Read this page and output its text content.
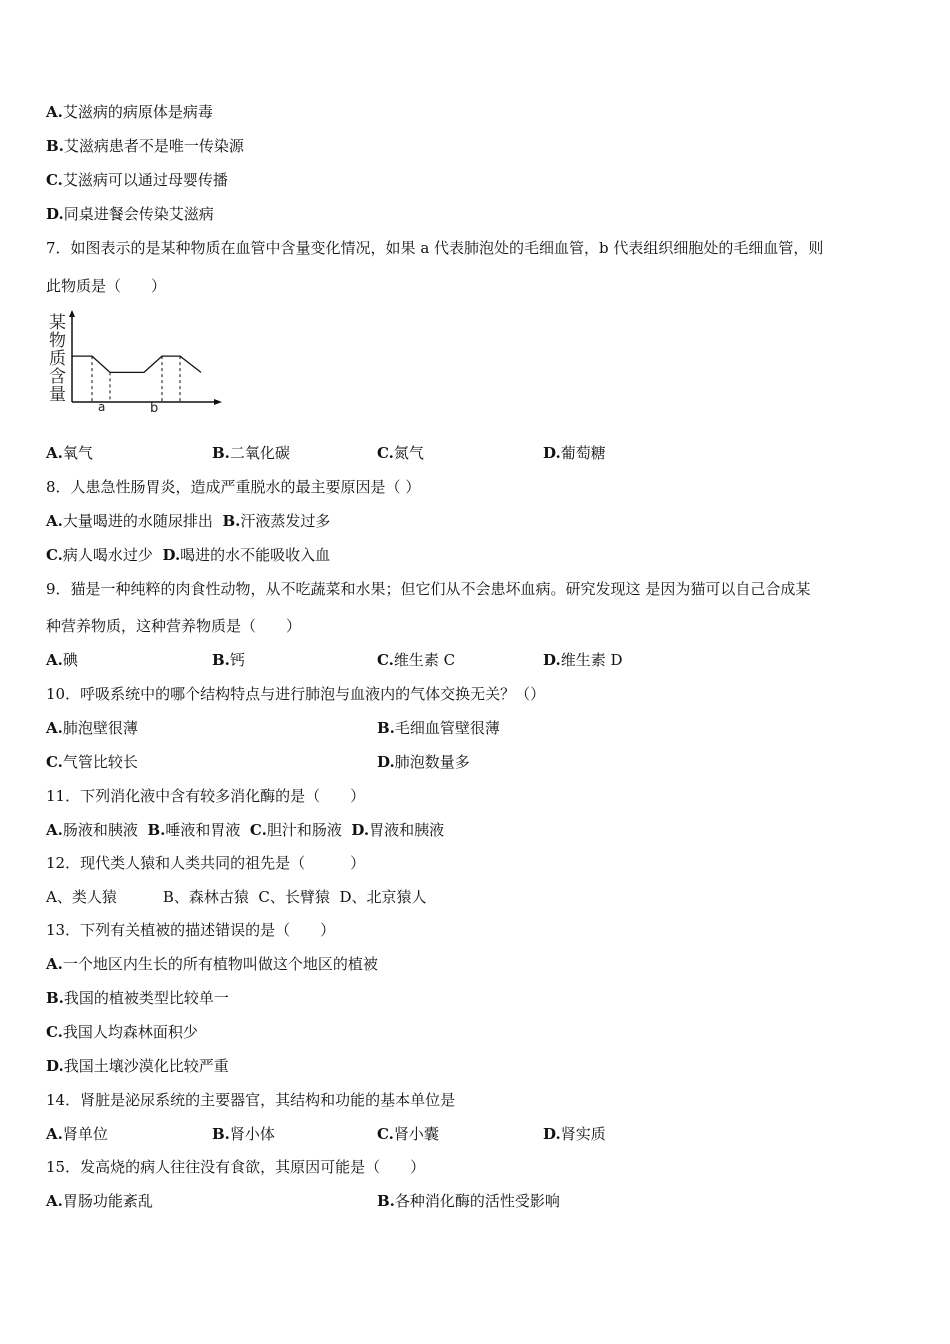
A.艾滋病的病原体是病毒
B.艾滋病患者不是唯一传染源
C.艾滋病可以通过母婴传播
D.同桌进餐会传染艾滋病
7．如图表示的是某种物质在血管中含量变化情况，如果 a 代表肺泡处的毛细血管，b 代表组织细胞处的毛细血管，则
此物质是（　　）
某
物
质
含
量
a	b
A.氧气	B.二氧化碳	C.氮气	D.葡萄糖
8．人患急性肠胃炎，造成严重脱水的最主要原因是（ ）
A.大量喝进的水随尿排出 B.汗液蒸发过多
C.病人喝水过少 D.喝进的水不能吸收入血
9．猫是一种纯粹的肉食性动物，从不吃蔬菜和水果；但它们从不会患坏血病。研究发现这 是因为猫可以自己合成某
种营养物质，这种营养物质是（　　）
A.碘	B.钙	C.维生素 C	D.维生素 D
10．呼吸系统中的哪个结构特点与进行肺泡与血液内的气体交换无关？（）
A.肺泡壁很薄	B.毛细血管壁很薄
C.气管比较长	D.肺泡数量多
11．下列消化液中含有较多消化酶的是（　　）
A.肠液和胰液 B.唾液和胃液 C.胆汁和肠液 D.胃液和胰液
12．现代类人猿和人类共同的祖先是（　　　）
A、类人猿	B、森林古猿 C、长臂猿 D、北京猿人
13．下列有关植被的描述错误的是（　　）
A.一个地区内生长的所有植物叫做这个地区的植被
B.我国的植被类型比较单一
C.我国人均森林面积少
D.我国土壤沙漠化比较严重
14．肾脏是泌尿系统的主要器官，其结构和功能的基本单位是
A.肾单位	B.肾小体	C.肾小囊	D.肾实质
15．发高烧的病人往往没有食欲，其原因可能是（　　）
A.胃肠功能紊乱	B.各种消化酶的活性受影响
